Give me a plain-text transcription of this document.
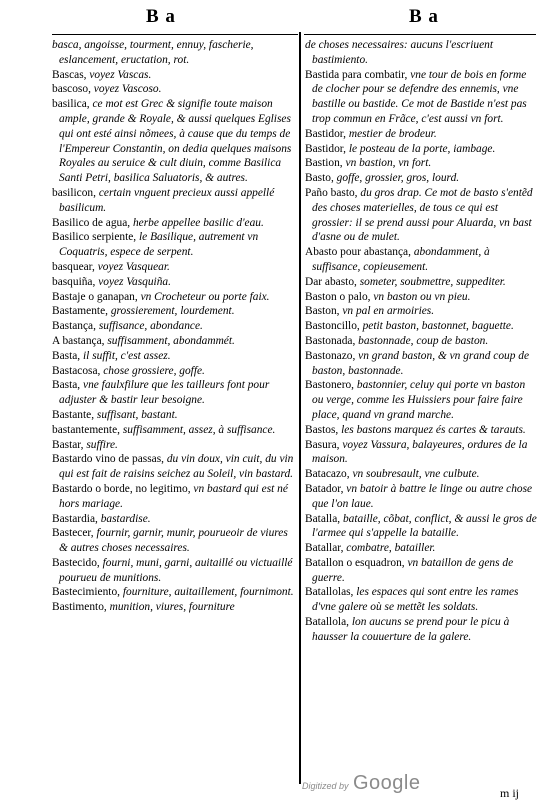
B a	B a

basca, angoisse, tourment, ennuy, fascherie, eslancement, eructation, rot.

Bascas, voyez Vascas.

bascoso, voyez Vascoso.

basilica, ce mot est Grec & signifie toute maison ample, grande & Royale, & aussi quelques Eglises qui ont esté ainsi nõmees, à cause que du temps de l'Empereur Constantin, on dedia quelques maisons Royales au seruice & cult diuin, comme Basilica Santi Petri, basilica Saluatoris, & autres.

basilicon, certain vnguent precieux aussi appellé basilicum.

Basilico de agua, herbe appellee basilic d'eau.

Basilico serpiente, le Basilique, autrement vn Coquatris, espece de serpent.

basquear, voyez Vasquear.

basquiña, voyez Vasquiña.

Bastaje o ganapan, vn Crocheteur ou porte faix.

Bastamente, grossierement, lourdement.

Bastança, suffisance, abondance.

A bastança, suffisamment, abondammét.

Basta, il suffit, c'est assez.

Bastacosa, chose grossiere, goffe.

Basta, vne faulxfilure que les tailleurs font pour adjuster & bastir leur besoigne.

Bastante, suffisant, bastant.

bastantemente, suffisamment, assez, à suffisance.

Bastar, suffire.

Bastardo vino de passas, du vin doux, vin cuit, du vin qui est fait de raisins seichez au Soleil, vin bastard.

Bastardo o borde, no legitimo, vn bastard qui est né hors mariage.

Bastardia, bastardise.

Bastecer, fournir, garnir, munir, pourueoir de viures & autres choses necessaires.

Bastecido, fourni, muni, garni, auitaillé ou victuaillé pourueu de munitions.

Bastecimiento, fourniture, auitaillement, fournimont.

Bastimento, munition, viures, fourniture

de choses necessaires: aucuns l'escriuent bastimiento.

Bastida para combatir, vne tour de bois en forme de clocher pour se defendre des ennemis, vne bastille ou bastide. Ce mot de Bastide n'est pas trop commun en Frãce, c'est aussi vn fort.

Bastidor, mestier de brodeur.

Bastidor, le posteau de la porte, iambage.

Bastion, vn bastion, vn fort.

Basto, goffe, grossier, gros, lourd.

Paño basto, du gros drap. Ce mot de basto s'entẽd des choses materielles, de tous ce qui est grossier: il se prend aussi pour Aluarda, vn bast d'asne ou de mulet.

Abasto pour abastança, abondamment, à suffisance, copieusement.

Dar abasto, someter, soubmettre, suppediter.

Baston o palo, vn baston ou vn pieu.

Baston, vn pal en armoiries.

Bastoncillo, petit baston, bastonnet, baguette.

Bastonada, bastonnade, coup de baston.

Bastonazo, vn grand baston, & vn grand coup de baston, bastonnade.

Bastonero, bastonnier, celuy qui porte vn baston ou verge, comme les Huissiers pour faire faire place, quand vn grand marche.

Bastos, les bastons marquez és cartes & tarauts.

Basura, voyez Vassura, balayeures, ordures de la maison.

Batacazo, vn soubresault, vne culbute.

Batador, vn batoir à battre le linge ou autre chose que l'on laue.

Batalla, bataille, cõbat, conflict, & aussi le gros de l'armee qui s'appelle la bataille.

Batallar, combatre, batailler.

Batallon o esquadron, vn bataillon de gens de guerre.

Batallolas, les espaces qui sont entre les rames d'vne galere où se mettẽt les soldats.

Batallola, lon aucuns se prend pour le picu à hausser la couuerture de la galere.

Digitized by Google	m ij
